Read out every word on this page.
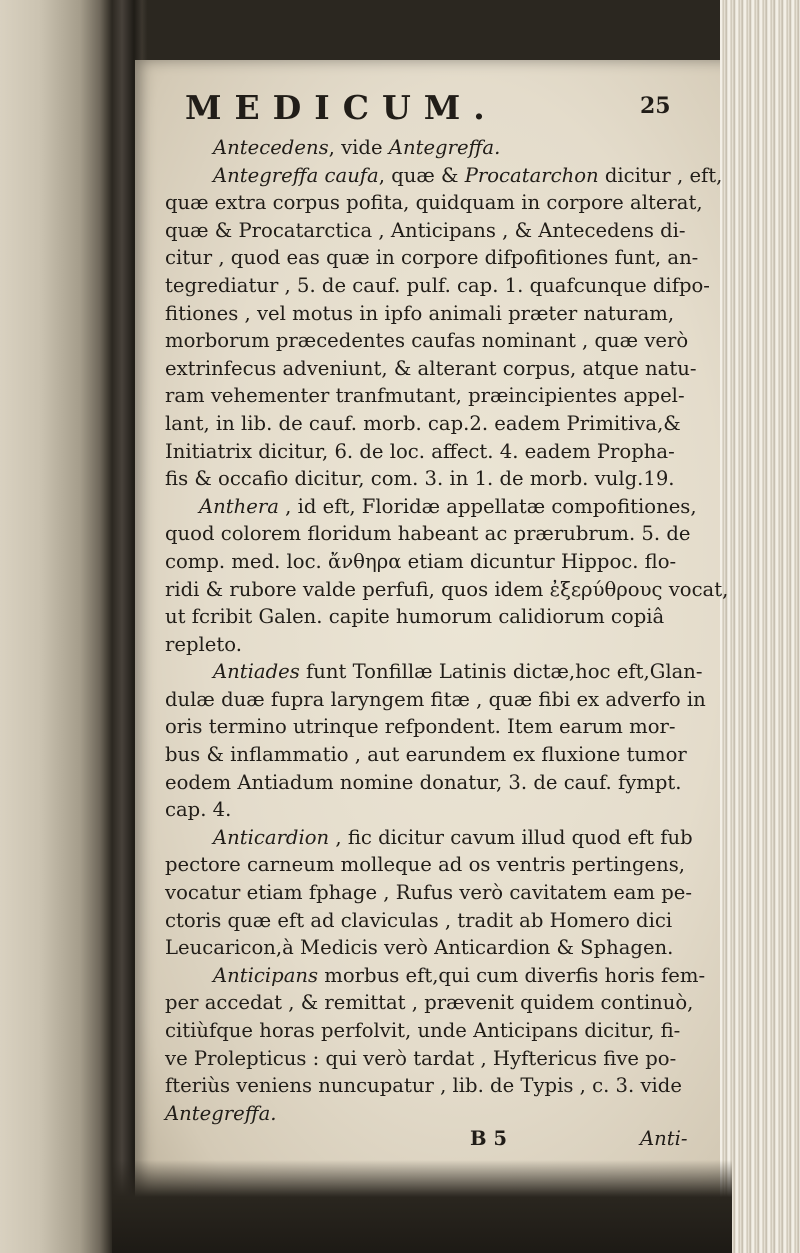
MEDICUM.	25
Antecedens, vide Antegreffa.
Antegreffa caufa, quæ & Procatarchon dicitur , eft,
quæ extra corpus pofita, quidquam in corpore alterat,
quæ & Procatarctica , Anticipans , & Antecedens di-
citur , quod eas quæ in corpore difpofitiones funt, an-
tegrediatur , 5. de cauf. pulf. cap. 1. quafcunque difpo-
fitiones , vel motus in ipfo animali præter naturam,
morborum præcedentes caufas nominant , quæ verò
extrinfecus adveniunt, & alterant corpus, atque natu-
ram vehementer tranfmutant, præincipientes appel-
lant, in lib. de cauf. morb. cap.2. eadem Primitiva,&
Initiatrix dicitur, 6. de loc. affect. 4. eadem Propha-
fis & occafio dicitur, com. 3. in 1. de morb. vulg.19.
Anthera , id eft, Floridæ appellatæ compofitiones,
quod colorem floridum habeant ac prærubrum. 5. de
comp. med. loc. ἄνθηρα etiam dicuntur Hippoc. flo-
ridi & rubore valde perfufi, quos idem ἐξερύθρους vocat,
ut fcribit Galen. capite humorum calidiorum copiâ
repleto.
Antiades funt Tonfillæ Latinis dictæ,hoc eft,Glan-
dulæ duæ fupra laryngem fitæ , quæ fibi ex adverfo in
oris termino utrinque refpondent. Item earum mor-
bus & inflammatio , aut earundem ex fluxione tumor
eodem Antiadum nomine donatur, 3. de cauf. fympt.
cap. 4.
Anticardion , fic dicitur cavum illud quod eft fub
pectore carneum molleque ad os ventris pertingens,
vocatur etiam fphage , Rufus verò cavitatem eam pe-
ctoris quæ eft ad claviculas , tradit ab Homero dici
Leucaricon,à Medicis verò Anticardion & Sphagen.
Anticipans morbus eft,qui cum diverfis horis fem-
per accedat , & remittat , prævenit quidem continuò,
citiùfque horas perfolvit, unde Anticipans dicitur, fi-
ve Prolepticus : qui verò tardat , Hyftericus five po-
fteriùs veniens nuncupatur , lib. de Typis , c. 3. vide
Antegreffa.
B 5	Anti-
